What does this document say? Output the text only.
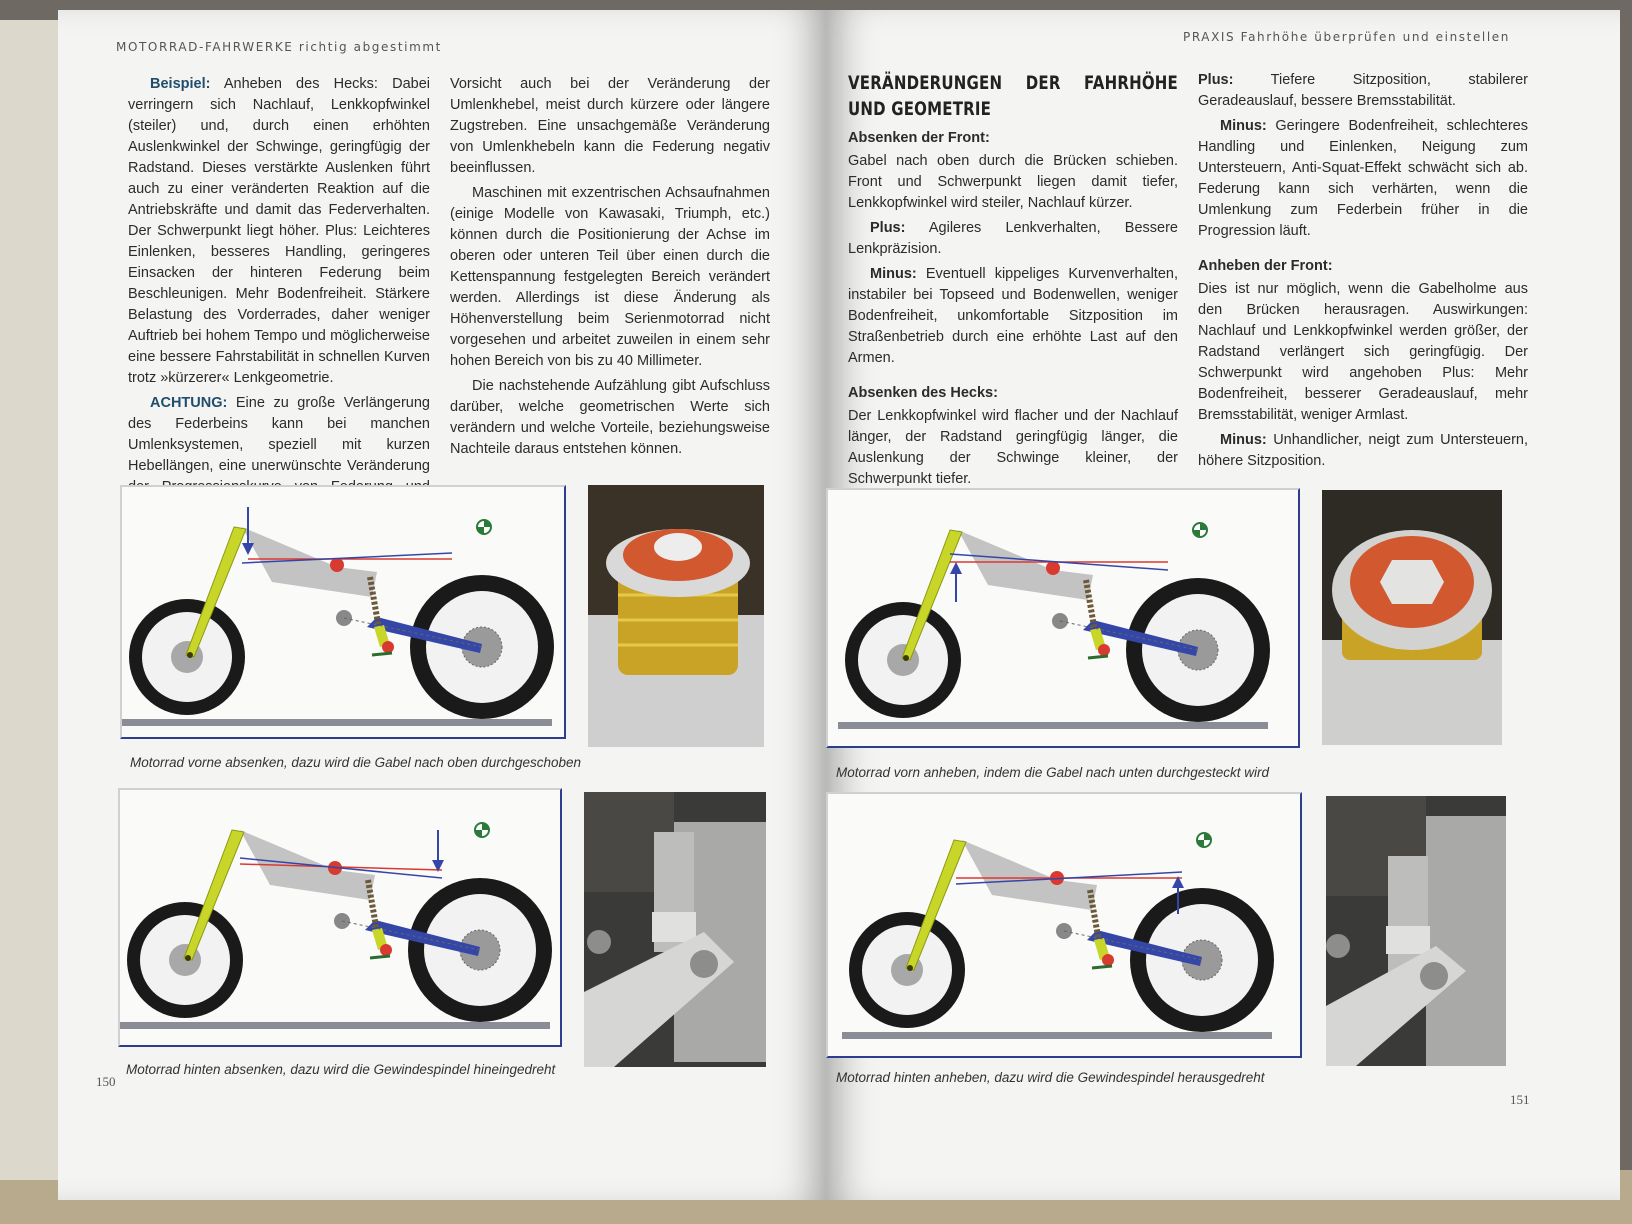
MOTORRAD-FAHRWERKE richtig abgestimmt

Beispiel: Anheben des Hecks: Dabei verringern sich Nachlauf, Lenkkopfwinkel (steiler) und, durch einen erhöhten Auslenkwinkel der Schwinge, geringfügig der Radstand. Dieses verstärkte Auslenken führt auch zu einer veränderten Reaktion auf die Antriebskräfte und damit das Federverhalten. Der Schwerpunkt liegt höher. Plus: Leichteres Einlenken, besseres Handling, geringeres Einsacken der hinteren Federung beim Beschleunigen. Mehr Bodenfreiheit. Stärkere Belastung des Vorderrades, daher weniger Auftrieb bei hohem Tempo und möglicherweise eine bessere Fahrstabilität in schnellen Kurven trotz »kürzerer« Lenkgeometrie.

ACHTUNG: Eine zu große Verlängerung des Federbeins kann bei manchen Umlenksystemen, speziell mit kurzen Hebellängen, eine unerwünschte Veränderung

Vorsicht auch bei der Veränderung der Umlenkhebel, meist durch kürzere oder längere Zugstreben. Eine unsachgemäße Veränderung von Umlenkhebeln kann die Federung negativ beeinflussen.

Maschinen mit exzentrischen Achsaufnahmen (einige Modelle von Kawasaki, Triumph, etc.) können durch die Positionierung der Achse im oberen oder unteren Teil über einen durch die Kettenspannung festgelegten Bereich verändert werden. Allerdings ist diese Änderung als Höhenverstellung beim Serienmotorrad nicht vorgesehen und arbeitet zuweilen in einem sehr hohen Bereich von bis zu 40 Millimeter.

Die nachstehende Aufzählung gibt Aufschluss darüber, welche geometrischen Werte sich verändern und welche Vorteile, beziehungsweise Nachteile daraus entstehen können.

Motorrad vorne absenken, dazu wird die Gabel nach oben durchgeschoben
Motorrad hinten absenken, dazu wird die Gewindespindel hineingedreht
150
PRAXIS Fahrhöhe überprüfen und einstellen
VERÄNDERUNGEN DER FAHRHÖHE UND GEOMETRIE
Absenken der Front:

Gabel nach oben durch die Brücken schieben. Front und Schwerpunkt liegen damit tiefer, Lenkkopfwinkel wird steiler, Nachlauf kürzer.

Plus: Agileres Lenkverhalten, Bessere Lenkpräzision.

Minus: Eventuell kippeliges Kurvenverhalten, instabiler bei Topseed und Bodenwellen, weniger Bodenfreiheit, unkomfortable Sitzposition im Straßenbetrieb durch eine erhöhte Last auf den Armen.

Absenken des Hecks:

Der Lenkkopfwinkel wird flacher und der Nachlauf länger, der Radstand geringfügig länger, die Auslenkung der Schwinge kleiner, der Schwerpunkt tiefer.

Plus:	Tiefere Sitzposition, stabilerer Geradeauslauf, bessere Bremsstabilität.

Minus: Geringere Bodenfreiheit, schlechteres Handling und Einlenken, Neigung zum Untersteuern, Anti-Squat-Effekt schwächt sich ab. Federung kann sich verhärten, wenn die Umlenkung zum Federbein früher in die Progression läuft.

Anheben der Front:

Dies ist nur möglich, wenn die Gabelholme aus den Brücken herausragen. Auswirkungen: Nachlauf und Lenkkopfwinkel werden größer, der Radstand verlängert sich geringfügig. Der Schwerpunkt wird angehoben Plus: Mehr Bodenfreiheit, besserer Geradeauslauf, mehr Bremsstabilität, weniger Armlast.

Minus: Unhandlicher, neigt zum Untersteuern, höhere Sitzposition.

Motorrad vorn anheben, indem die Gabel nach unten durchgesteckt wird
Motorrad hinten anheben, dazu wird die Gewindespindel herausgedreht
151
